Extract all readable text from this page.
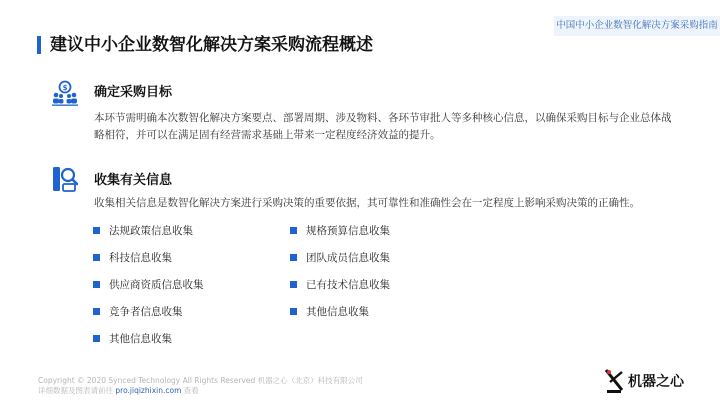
中国中小企业数智化解决方案采购指南
建议中小企业数智化解决方案采购流程概述
$ 确定采购目标
本环节需明确本次数智化解决方案要点、部署周期、涉及物料、各环节审批人等多种核心信息，以确保采购目标与企业总体战略相符，并可以在满足固有经营需求基础上带来一定程度经济效益的提升。
收集有关信息
收集相关信息是数智化解决方案进行采购决策的重要依据，其可靠性和准确性会在一定程度上影响采购决策的正确性。
法规政策信息收集
科技信息收集
供应商资质信息收集
竞争者信息收集
其他信息收集
规格预算信息收集
团队成员信息收集
已有技术信息收集
其他信息收集
Copyright © 2020 Synced Technology All Rights Reserved 机器之心（北京）科技有限公司
详细数据及图表请前往 pro.jiqizhixin.com 查看
机器之心
